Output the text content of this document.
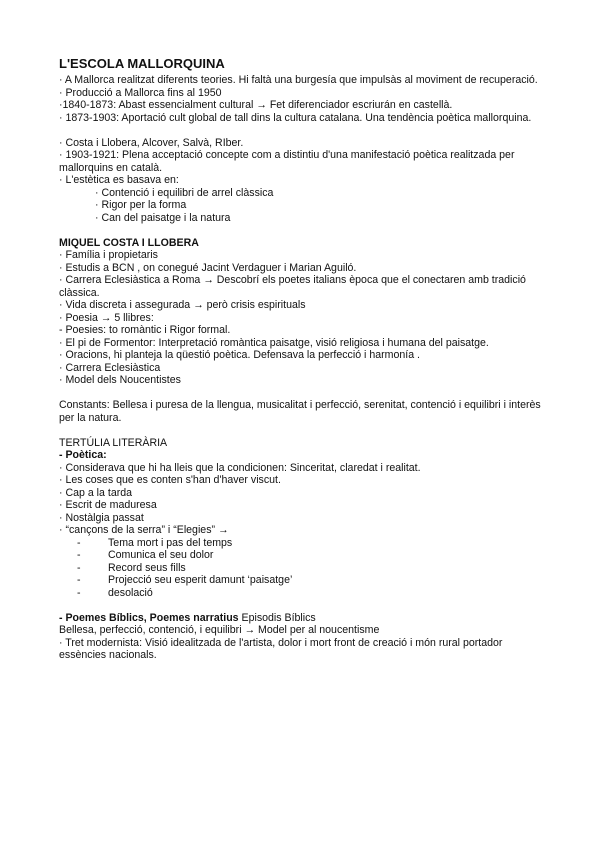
L'ESCOLA MALLORQUINA
· A Mallorca realitzat diferents teories. Hi faltà una burgesía que impulsàs al moviment de recuperació.
· Producció a Mallorca fins al 1950
·1840-1873: Abast essencialment cultural → Fet diferenciador escriurán en castellà.
· 1873-1903: Aportació cult global de tall dins la cultura catalana. Una tendència poètica mallorquina.
· Costa i Llobera, Alcover, Salvà, RIber.
· 1903-1921: Plena acceptació concepte com a distintiu d'una manifestació poètica realitzada per mallorquins en català.
· L'estètica es basava en:
· Contenció i equilibri de arrel clàssica
· Rigor per la forma
· Can del paisatge i la natura
MIQUEL COSTA I LLOBERA
· Família i propietaris
· Estudis a BCN , on conegué Jacint Verdaguer i Marian Aguiló.
· Carrera Eclesiàstica a Roma → Descobrí els poetes italians època que el conectaren amb tradició clàssica.
· Vida discreta i assegurada → però crisis espirituals
· Poesia → 5 llibres:
- Poesies: to romàntic i Rigor formal.
· El pi de Formentor: Interpretació romàntica paisatge, visió religiosa i humana del paisatge.
· Oracions, hi planteja la qüestió poètica. Defensava la perfecció i harmonía .
· Carrera Eclesiàstica
· Model dels Noucentistes
Constants: Bellesa i puresa de la llengua, musicalitat i perfecció, serenitat, contenció i equilibri i interès per la natura.
TERTÚLIA LITERÀRIA
- Poètica:
· Considerava que hi ha lleis que la condicionen: Sinceritat, claredat i realitat.
· Les coses que es conten s'han d'haver viscut.
· Cap a la tarda
· Escrit de maduresa
· Nostàlgia passat
· “cançons de la serra” i “Elegies” →
-	Tema mort i pas del temps
-	Comunica el seu dolor
-	Record seus fills
-	Projecció seu esperit damunt ‘paisatge’
-	desolació
- Poemes Bíblics, Poemes narratius Episodis Bíblics
Bellesa, perfecció, contenció, i equilibri → Model per al noucentisme
· Tret modernista: Visió idealitzada de l'artista, dolor i mort front de creació i món rural portador essències nacionals.
